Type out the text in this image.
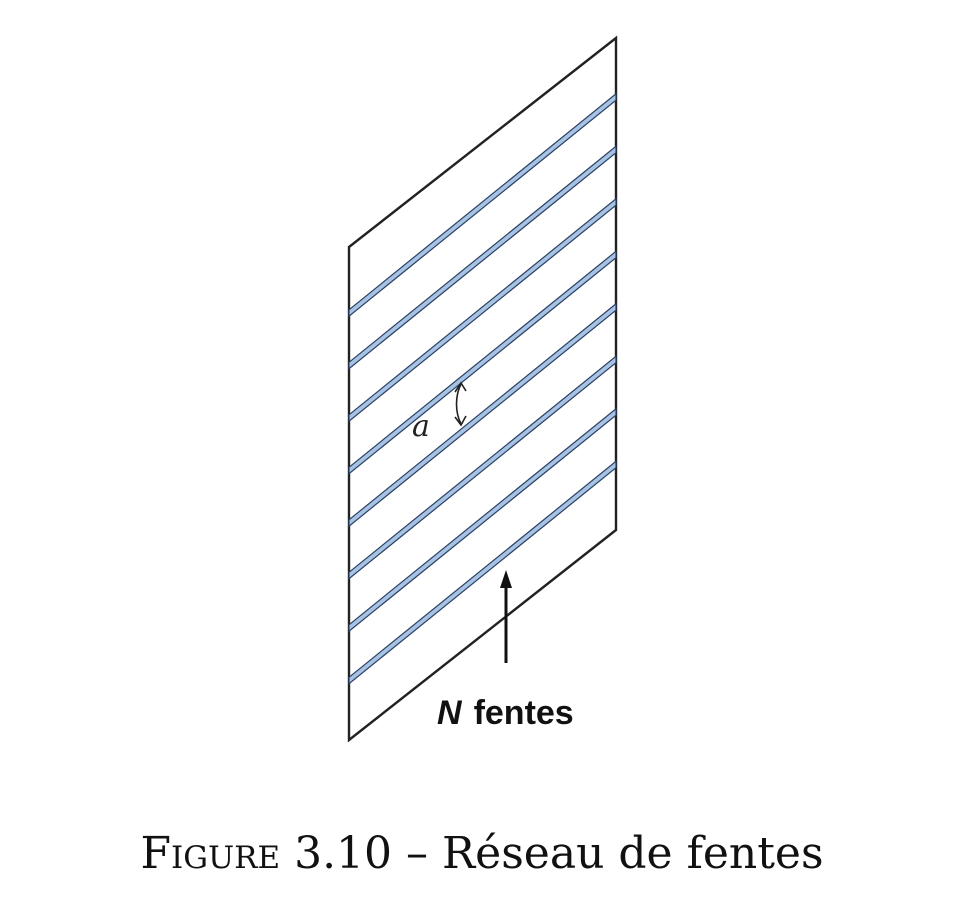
a
N fentes
Figure 3.10 – Réseau de fentes
